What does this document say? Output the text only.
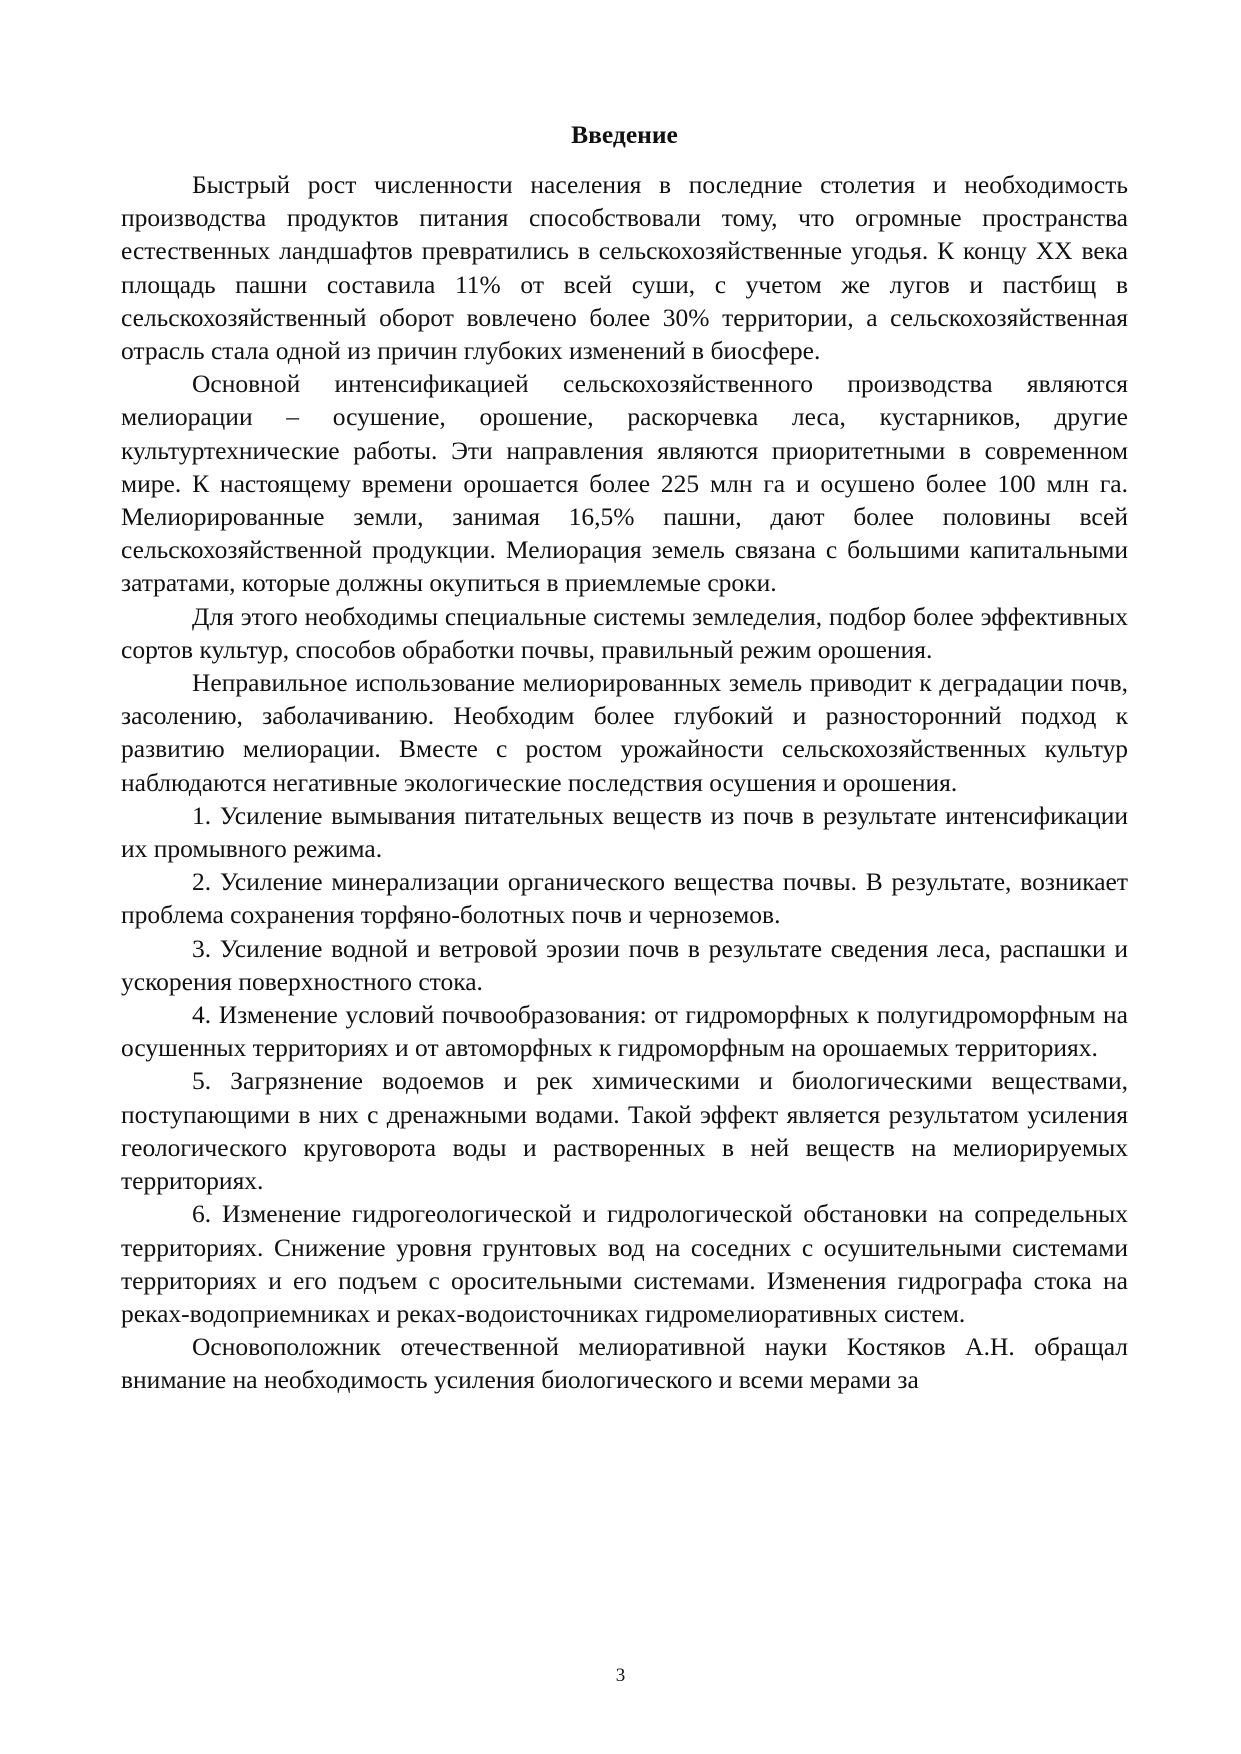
Введение

Быстрый рост численности населения в последние столетия и необходимость производства продуктов питания способствовали тому, что огромные пространства естественных ландшафтов превратились в сельскохозяйственные угодья. К концу XX века площадь пашни составила 11% от всей суши, с учетом же лугов и пастбищ в сельскохозяйственный оборот вовлечено более 30% территории, а сельскохозяйственная отрасль стала одной из причин глубоких изменений в биосфере.

Основной интенсификацией сельскохозяйственного производства являются мелиорации – осушение, орошение, раскорчевка леса, кустарников, другие культуртехнические работы. Эти направления являются приоритетными в современном мире. К настоящему времени орошается более 225 млн га и осушено более 100 млн га. Мелиорированные земли, занимая 16,5% пашни, дают более половины всей сельскохозяйственной продукции. Мелиорация земель связана с большими капитальными затратами, которые должны окупиться в приемлемые сроки.

Для этого необходимы специальные системы земледелия, подбор более эффективных сортов культур, способов обработки почвы, правильный режим орошения.

Неправильное использование мелиорированных земель приводит к деградации почв, засолению, заболачиванию. Необходим более глубокий и разносторонний подход к развитию мелиорации. Вместе с ростом урожайности сельскохозяйственных культур наблюдаются негативные экологические последствия осушения и орошения.

1. Усиление вымывания питательных веществ из почв в результате интенсификации их промывного режима.

2. Усиление минерализации органического вещества почвы. В результате, возникает проблема сохранения торфяно-болотных почв и черноземов.

3. Усиление водной и ветровой эрозии почв в результате сведения леса, распашки и ускорения поверхностного стока.

4. Изменение условий почвообразования: от гидроморфных к полугидроморфным на осушенных территориях и от автоморфных к гидроморфным на орошаемых территориях.

5. Загрязнение водоемов и рек химическими и биологическими веществами, поступающими в них с дренажными водами. Такой эффект является результатом усиления геологического круговорота воды и растворенных в ней веществ на мелиорируемых территориях.

6. Изменение гидрогеологической и гидрологической обстановки на сопредельных территориях. Снижение уровня грунтовых вод на соседних с осушительными системами территориях и его подъем с оросительными системами. Изменения гидрографа стока на реках-водоприемниках и реках-водоисточниках гидромелиоративных систем.

Основоположник отечественной мелиоративной науки Костяков А.Н. обращал внимание на необходимость усиления биологического и всеми мерами за

3
